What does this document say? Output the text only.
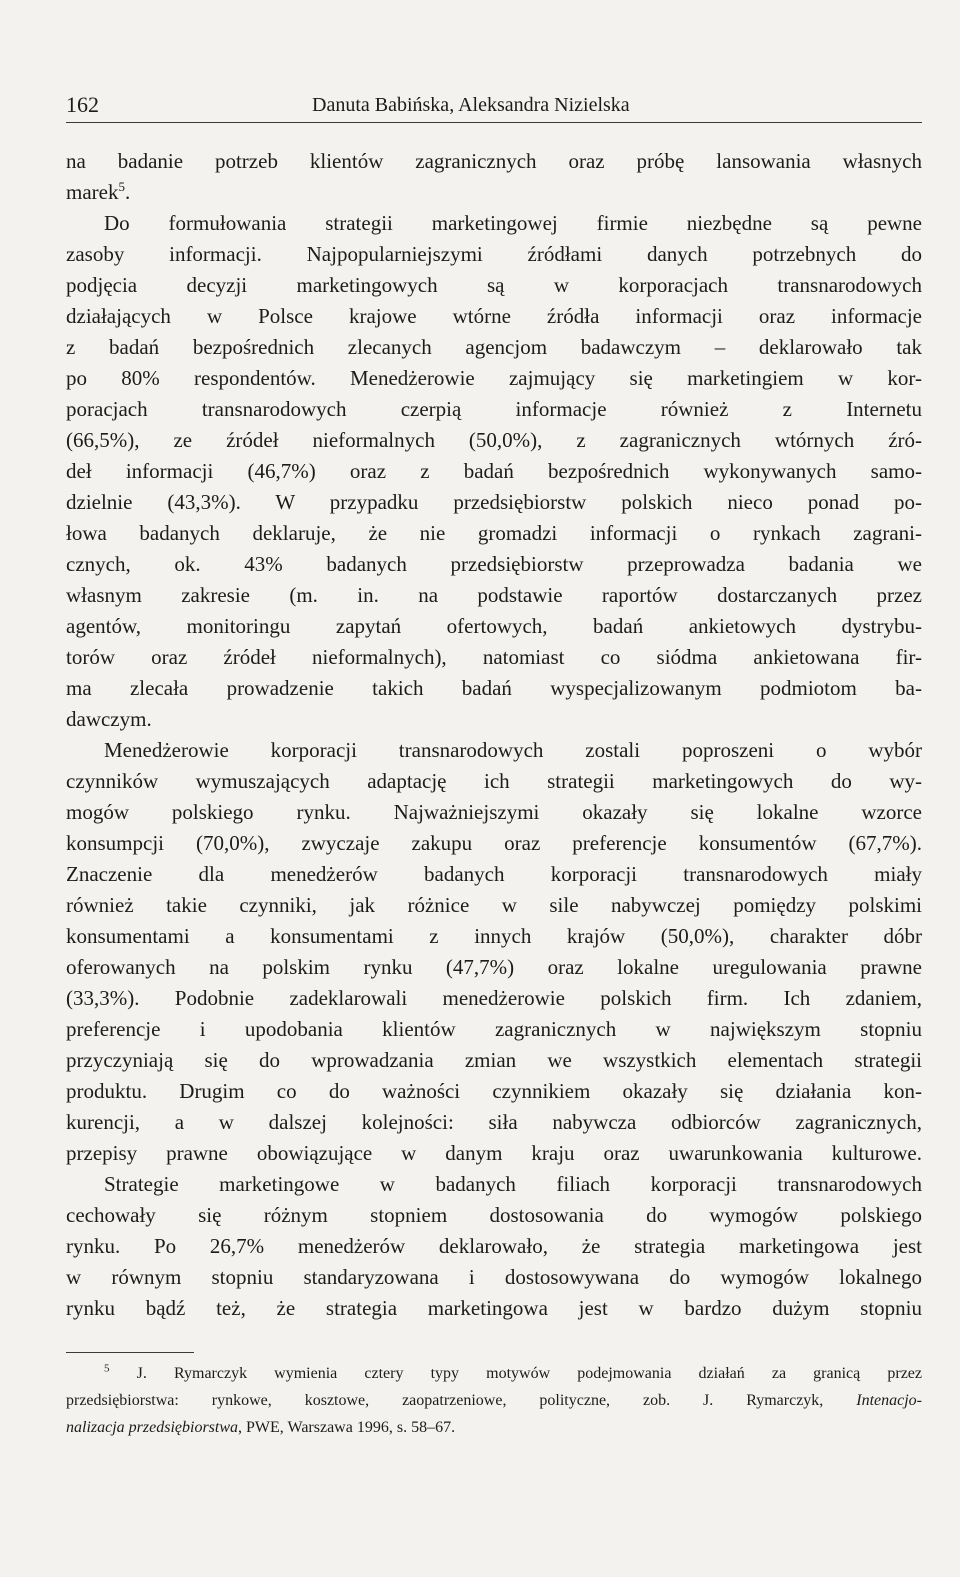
162	Danuta Babińska, Aleksandra Nizielska
na badanie potrzeb klientów zagranicznych oraz próbę lansowania własnych
marek$^5$.
Do formułowania strategii marketingowej firmie niezbędne są pewne
zasoby informacji. Najpopularniejszymi źródłami danych potrzebnych do
podjęcia decyzji marketingowych są w korporacjach transnarodowych
działających w Polsce krajowe wtórne źródła informacji oraz informacje
z badań bezpośrednich zlecanych agencjom badawczym – deklarowało tak
po 80% respondentów. Menedżerowie zajmujący się marketingiem w kor-
poracjach transnarodowych czerpią informacje również z Internetu
(66,5%), ze źródeł nieformalnych (50,0%), z zagranicznych wtórnych źró-
deł informacji (46,7%) oraz z badań bezpośrednich wykonywanych samo-
dzielnie (43,3%). W przypadku przedsiębiorstw polskich nieco ponad po-
łowa badanych deklaruje, że nie gromadzi informacji o rynkach zagrani-
cznych, ok. 43% badanych przedsiębiorstw przeprowadza badania we
własnym zakresie (m. in. na podstawie raportów dostarczanych przez
agentów, monitoringu zapytań ofertowych, badań ankietowych dystrybu-
torów oraz źródeł nieformalnych), natomiast co siódma ankietowana fir-
ma zlecała prowadzenie takich badań wyspecjalizowanym podmiotom ba-
dawczym.
Menedżerowie korporacji transnarodowych zostali poproszeni o wybór
czynników wymuszających adaptację ich strategii marketingowych do wy-
mogów polskiego rynku. Najważniejszymi okazały się lokalne wzorce
konsumpcji (70,0%), zwyczaje zakupu oraz preferencje konsumentów (67,7%).
Znaczenie dla menedżerów badanych korporacji transnarodowych miały
również takie czynniki, jak różnice w sile nabywczej pomiędzy polskimi
konsumentami a konsumentami z innych krajów (50,0%), charakter dóbr
oferowanych na polskim rynku (47,7%) oraz lokalne uregulowania prawne
(33,3%). Podobnie zadeklarowali menedżerowie polskich firm. Ich zdaniem,
preferencje i upodobania klientów zagranicznych w największym stopniu
przyczyniają się do wprowadzania zmian we wszystkich elementach strategii
produktu. Drugim co do ważności czynnikiem okazały się działania kon-
kurencji, a w dalszej kolejności: siła nabywcza odbiorców zagranicznych,
przepisy prawne obowiązujące w danym kraju oraz uwarunkowania kulturowe.
Strategie marketingowe w badanych filiach korporacji transnarodowych
cechowały się różnym stopniem dostosowania do wymogów polskiego
rynku. Po 26,7% menedżerów deklarowało, że strategia marketingowa jest
w równym stopniu standaryzowana i dostosowywana do wymogów lokalnego
rynku bądź też, że strategia marketingowa jest w bardzo dużym stopniu
$^5$ J. Rymarczyk wymienia cztery typy motywów podejmowania działań za granicą przez
przedsiębiorstwa: rynkowe, kosztowe, zaopatrzeniowe, polityczne, zob. J. Rymarczyk, Intenacjo-
nalizacja przedsiębiorstwa, PWE, Warszawa 1996, s. 58–67.
